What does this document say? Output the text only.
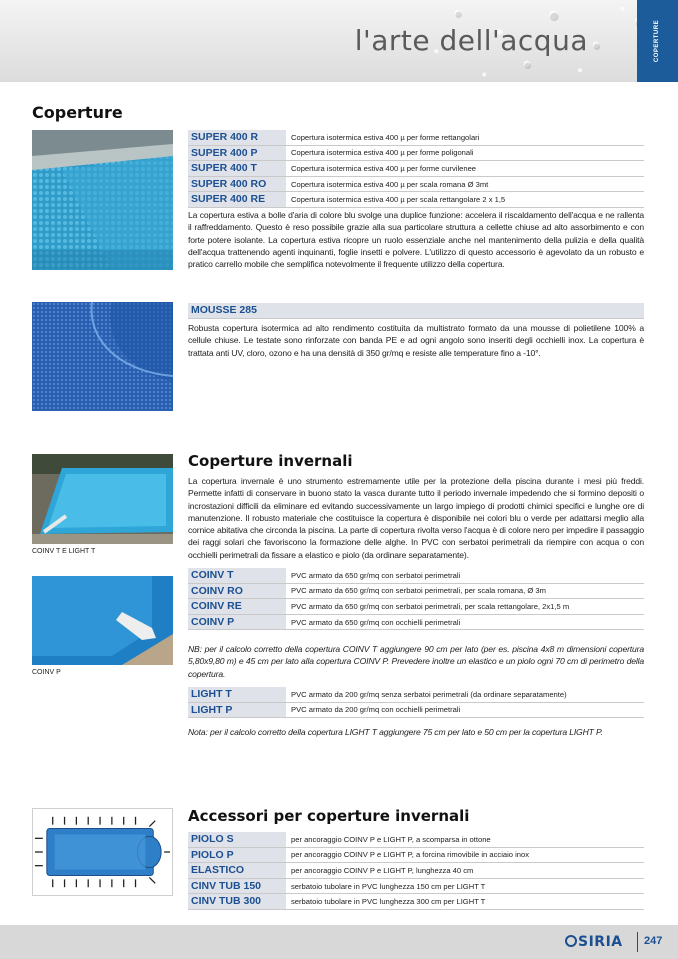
l'arte dell'acqua	COPERTURE
Coperture
SUPER 400 R	Copertura isotermica estiva 400 µ per forme rettangolari
SUPER 400 P	Copertura isotermica estiva 400 µ per forme poligonali
SUPER 400 T	Copertura isotermica estiva 400 µ per forme curvilenee
SUPER 400 RO	Copertura isotermica estiva 400 µ per scala romana Ø 3mt
SUPER 400 RE	Copertura isotermica estiva 400 µ per scala rettangolare 2 x 1,5
La copertura estiva a bolle d'aria di colore blu svolge una duplice funzione: accelera il riscaldamento dell'acqua e ne rallenta il raffreddamento. Questo è reso possibile grazie alla sua particolare struttura a cellette chiuse ad alto assorbimento e con forte potere isolante. La copertura estiva ricopre un ruolo essenziale anche nel mantenimento della pulizia e della qualità dell'acqua trattenendo agenti inquinanti, foglie insetti e polvere. L'utilizzo di questo accessorio è agevolato da un robusto e pratico carrello mobile che semplifica notevolmente il frequente utilizzo della copertura.
MOUSSE 285
Robusta copertura isotermica ad alto rendimento costituita da multistrato formato da una mousse di polietilene 100% a cellule chiuse. Le testate sono rinforzate con banda PE e ad ogni angolo sono inseriti degli occhielli inox. La copertura è trattata anti UV, cloro, ozono e ha una densità di 350 gr/mq e resiste alle temperature fino a -10°.
COINV T E LIGHT T
COINV P
Coperture invernali
La copertura invernale è uno strumento estremamente utile per la protezione della piscina durante i mesi più freddi. Permette infatti di conservare in buono stato la vasca durante tutto il periodo invernale impedendo che si formino depositi o incrostazioni difficili da eliminare ed evitando successivamente un largo impiego di prodotti chimici specifici e lunghe ore di manutenzione. Il robusto materiale che costituisce la copertura è disponibile nei colori blu o verde per adattarsi meglio alla cornice abitativa che circonda la piscina. La parte di copertura rivolta verso l'acqua è di colore nero per impedire il passaggio dei raggi solari che favoriscono la formazione delle alghe. In PVC con serbatoi perimetrali da riempire con acqua o con occhielli perimetrali da fissare a elastico e piolo (da ordinare separatamente).
COINV T	PVC armato da 650 gr/mq con serbatoi perimetrali
COINV RO	PVC armato da 650 gr/mq con serbatoi perimetrali, per scala romana, Ø 3m
COINV RE	PVC armato da 650 gr/mq con serbatoi perimetrali, per scala rettangolare, 2x1,5 m
COINV P	PVC armato da 650 gr/mq con occhielli perimetrali
NB: per il calcolo corretto della copertura COINV T aggiungere 90 cm per lato (per es. piscina 4x8 m dimensioni copertura 5,80x9,80 m) e 45 cm per lato alla copertura COINV P. Prevedere inoltre un elastico e un piolo ogni 70 cm di perimetro della copertura.
LIGHT T	PVC armato da 200 gr/mq senza serbatoi perimetrali (da ordinare separatamente)
LIGHT P	PVC armato da 200 gr/mq con occhielli perimetrali
Nota: per il calcolo corretto della copertura LIGHT T aggiungere 75 cm per lato e 50 cm per la copertura LIGHT P.
Accessori per coperture invernali
PIOLO S	per ancoraggio COINV P e LIGHT P, a scomparsa in ottone
PIOLO P	per ancoraggio COINV P e LIGHT P, a forcina rimovibile in acciaio inox
ELASTICO	per ancoraggio COINV P e LIGHT P, lunghezza 40 cm
CINV TUB 150	serbatoio tubolare in PVC lunghezza 150 cm per LIGHT T
CINV TUB 300	serbatoio tubolare in PVC lunghezza 300 cm per LIGHT T
SIRIA 247
